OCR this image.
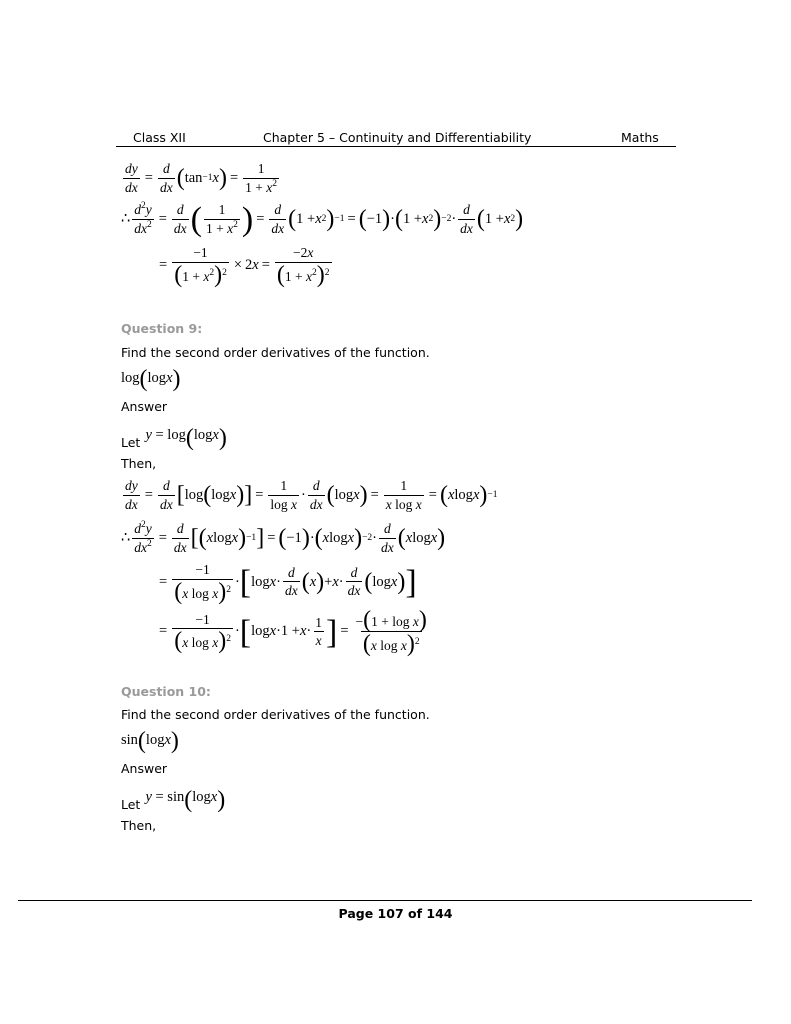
Class XII	Chapter 5 – Continuity and Differentiability	Maths
$\frac{dy}{dx} = \frac{d}{dx}$ ( tan −1 x ) = $\frac{1}{1 + x^2}$
∴ $\frac{d^2y}{dx^2} = \frac{d}{dx}$ ( $\frac{1}{1 + x^2}$ ) = $\frac{d}{dx}$ ( 1 + x 2 ) −1 = ( −1 ) · ( 1 + x 2 ) $-2 \cdot \frac{d}{dx}$ ( 1 + x 2 )
= $\frac{-1}{(1 + x^2)^2} \times 2$ $x = \frac{-2x}{(1 + x^2)^2}$
Question 9:
Find the second order derivatives of the function.
log ( log x )
Answer
$_{Let}$ y = log ( log x )
Then,
$\frac{dy}{dx} = \frac{d}{dx}$ [ log ( log x ) ] = $\frac{1}{\text{log x}} \cdot \frac{d}{dx}$ ( log x ) = $\frac{1}{\text{x log x}}$ = ( x log x ) −1
∴ $\frac{d^2y}{dx^2} = \frac{d}{dx}$ [ ( x log x ) −1 ] = ( −1 ) · ( x log x ) $-2 \cdot \frac{d}{dx}$ ( x log x )
= $\frac{-1}{(x \log x)^2}$ · [ $\log x \cdot \frac{d}{dx}$ ( x ) + $x \cdot \frac{d}{dx}$ ( log x ) ]
= $\frac{-1}{(x \log x)^2}$ · [ $\log x \cdot 1 + x \cdot \frac{1}{x}$ ] = $\frac{\text{−(1 + log x)}}{(x \log x)^2}$
Question 10:
Find the second order derivatives of the function.
sin ( log x )
Answer
$_{Let}$ y = sin ( log x )
Then,
Page 107 of 144
